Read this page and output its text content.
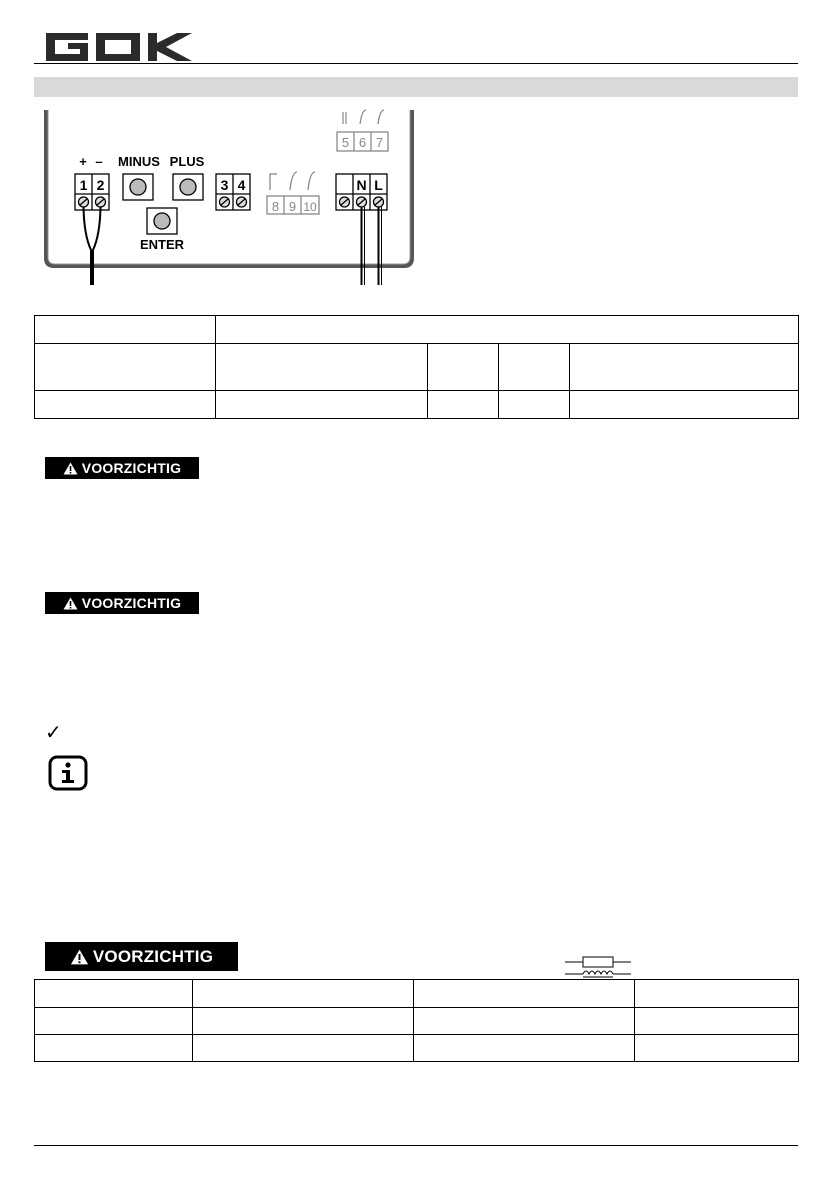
5 6 7
+ –
1 2
MINUS PLUS
ENTER
3 4
8 9 10
N L

VOORZICHTIG
VOORZICHTIG
✓
VOORZICHTIG
